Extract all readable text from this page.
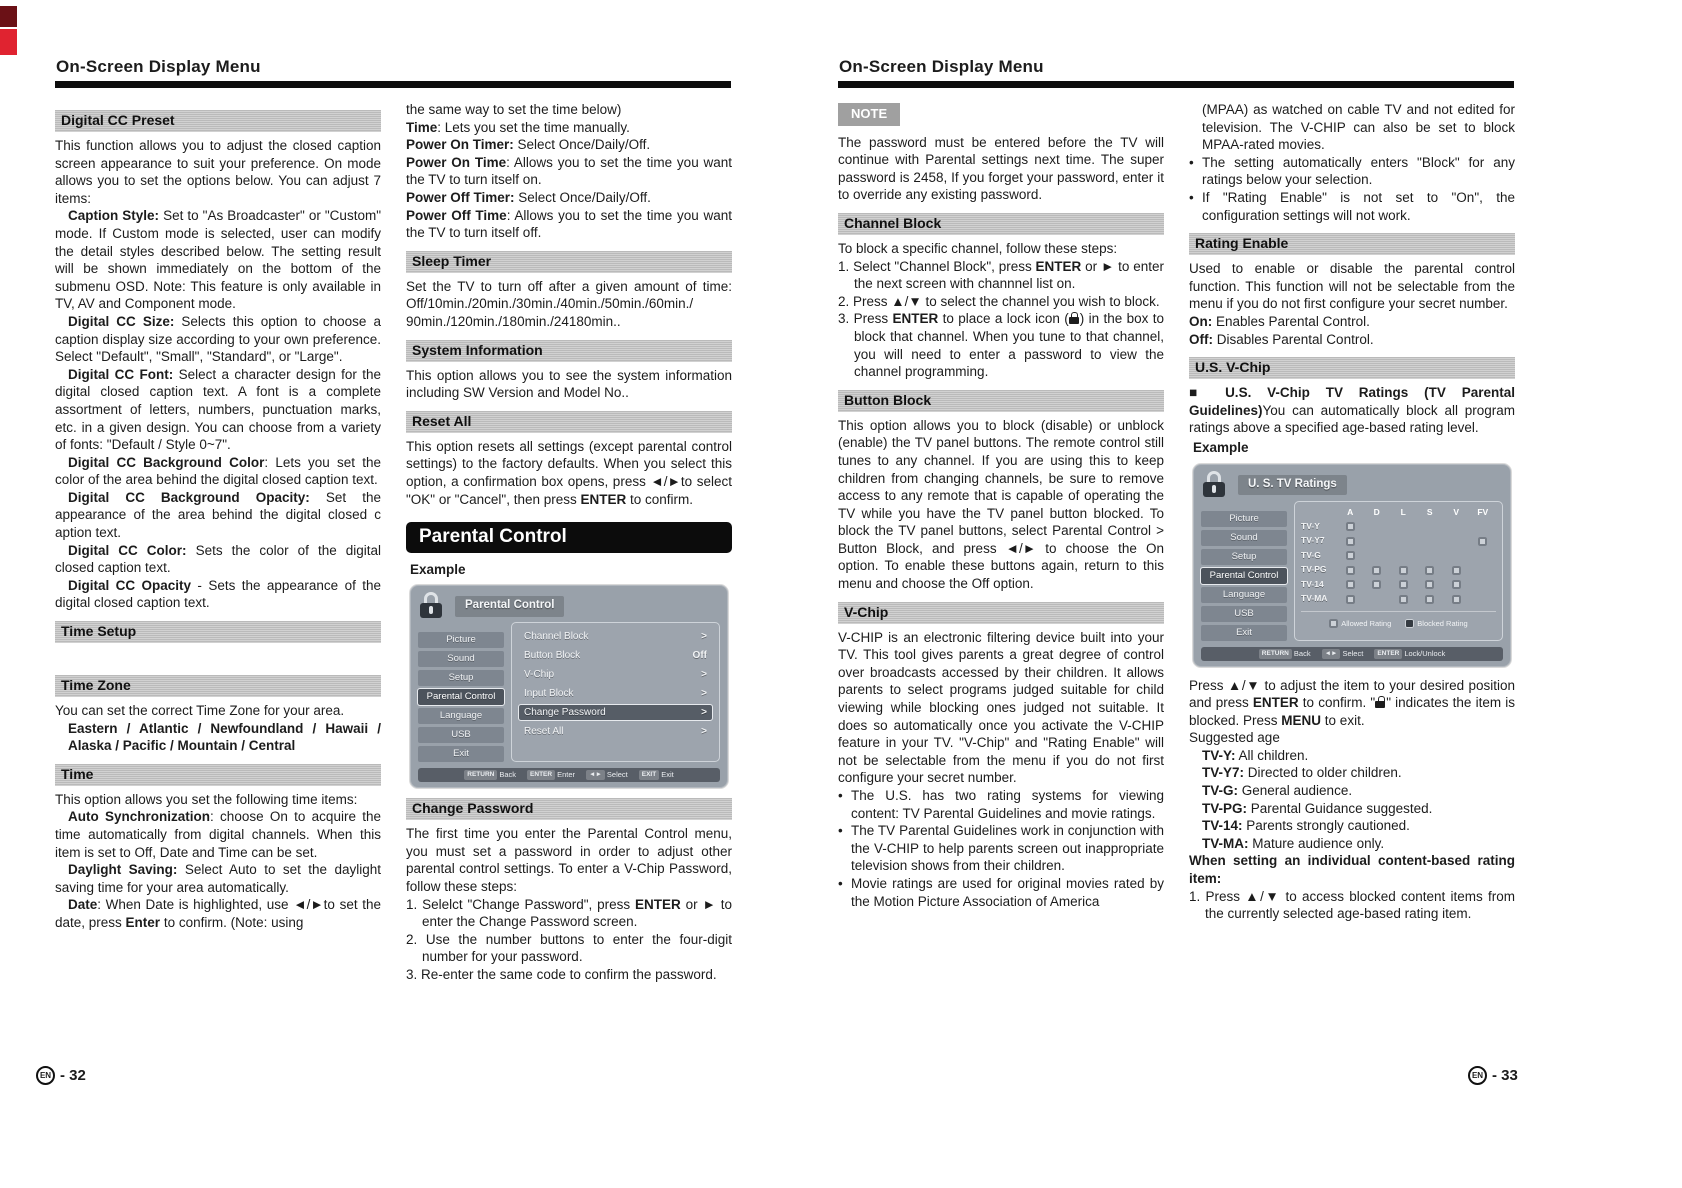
On-Screen Display Menu
Digital CC Preset
This function allows you to adjust the closed caption screen appearance to suit your preference. On mode allows you to set the options below. You can adjust 7 items:
Caption Style: Set to "As Broadcaster" or "Custom" mode. If Custom mode is selected, user can modify the detail styles described below. The setting result will be shown immediately on the bottom of the submenu OSD. Note: This feature is only available in TV, AV and Component mode.
Digital CC Size: Selects this option to choose a caption display size according to your own preference. Select "Default", "Small", "Standard", or "Large".
Digital CC Font: Select a character design for the digital closed caption text. A font is a complete assortment of letters, numbers, punctuation marks, etc. in a given design. You can choose from a variety of fonts: "Default / Style 0~7".
Digital CC Background Color: Lets you set the color of the area behind the digital closed caption text.
Digital CC Background Opacity: Set the appearance of the area behind the digital closed c aption text.
Digital CC Color: Sets the color of the digital closed caption text.
Digital CC Opacity - Sets the appearance of the digital closed caption text.
Time Setup
Time Zone
You can set the correct Time Zone for your area.
Eastern / Atlantic / Newfoundland / Hawaii / Alaska / Pacific / Mountain / Central
Time
This option allows you set the following time items:
Auto Synchronization: choose On to acquire the time automatically from digital channels. When this item is set to Off, Date and Time can be set.
Daylight Saving: Select Auto to set the daylight saving time for your area automatically.
Date: When Date is highlighted, use ◄/►to set the date, press Enter to confirm. (Note: using
the same way to set the time below)
Time: Lets you set the time manually.
Power On Timer: Select Once/Daily/Off.
Power On Time: Allows you to set the time you want the TV to turn itself on.
Power Off Timer: Select Once/Daily/Off.
Power Off Time: Allows you to set the time you want the TV to turn itself off.
Sleep Timer
Set the TV to turn off after a given amount of time: Off/10min./20min./30min./40min./50min./60min./ 90min./120min./180min./24180min..
System Information
This option allows you to see the system information including SW Version and Model No..
Reset All
This option resets all settings (except parental control settings) to the factory defaults. When you select this option, a confirmation box opens, press ◄/►to select "OK" or "Cancel", then press ENTER to confirm.
Parental Control
Example
Parental Control
Picture
Sound
Setup
Parental Control
Language
USB
Exit
Channel Block	>
Button Block	Off
V-Chip	>
Input Block	>
Change Password	>
Reset All	>
RETURN Back	ENTER Enter	◄► Select	EXIT Exit
Change Password
The first time you enter the Parental Control menu, you must set a password in order to adjust other parental control settings. To enter a V-Chip Password, follow these steps:
1. Selelct "Change Password", press ENTER or ► to enter the Change Password screen.
2. Use the number buttons to enter the four-digit number for your password.
3. Re-enter the same code to confirm the password.
On-Screen Display Menu
NOTE
The password must be entered before the TV will continue with Parental settings next time. The super password is 2458, If you forget your password, enter it to override any existing password.
Channel Block
To block a specific channel, follow these steps:
1. Select "Channel Block", press ENTER or ► to enter the next screen with channnel list on.
2. Press ▲/▼ to select the channel you wish to block.
3. Press ENTER to place a lock icon ( ) in the box to block that channel. When you tune to that channel, you will need to enter a password to view the channel programming.
Button Block
This option allows you to block (disable) or unblock (enable) the TV panel buttons. The remote control still tunes to any channel. If you are using this to keep children from changing channels, be sure to remove access to any remote that is capable of operating the TV while you have the TV panel button blocked. To block the TV panel buttons, select Parental Control > Button Block, and press ◄/► to choose the On option. To enable these buttons again, return to this menu and choose the Off option.
V-Chip
V-CHIP is an electronic filtering device built into your TV. This tool gives parents a great degree of control over broadcasts accessed by their children. It allows parents to select programs judged suitable for child viewing while blocking ones judged not suitable. It does so automatically once you activate the V-CHIP feature in your TV. "V-Chip" and "Rating Enable" will not be selectable from the menu if you do not first configure your secret number.
• The U.S. has two rating systems for viewing content: TV Parental Guidelines and movie ratings.
• The TV Parental Guidelines work in conjunction with the V-CHIP to help parents screen out inappropriate television shows from their children.
• Movie ratings are used for original movies rated by the Motion Picture Association of America
(MPAA) as watched on cable TV and not edited for television. The V-CHIP can also be set to block MPAA-rated movies.
• The setting automatically enters "Block" for any ratings below your selection.
• If "Rating Enable" is not set to "On", the configuration settings will not work.
Rating Enable
Used to enable or disable the parental control function. This function will not be selectable from the menu if you do not first configure your secret number.
On: Enables Parental Control.
Off: Disables Parental Control.
U.S. V-Chip
■ U.S. V-Chip TV Ratings (TV Parental Guidelines)You can automatically block all program ratings above a specified age-based rating level.
Example
U. S. TV Ratings
Picture
Sound
Setup
Parental Control
Language
USB
Exit
A	D	L	S	V	FV
TV-Y
TV-Y7
TV-G
TV-PG
TV-14
TV-MA
Allowed Rating	Blocked Rating
RETURN Back	◄► Select	ENTER Lock/Unlock
Press ▲/▼ to adjust the item to your desired position and press ENTER to confirm. " " indicates the item is blocked. Press MENU to exit.
Suggested age
TV-Y: All children.
TV-Y7: Directed to older children.
TV-G: General audience.
TV-PG: Parental Guidance suggested.
TV-14: Parents strongly cautioned.
TV-MA: Mature audience only.
When setting an individual content-based rating item:
1. Press ▲/▼ to access blocked content items from the currently selected age-based rating item.
EN - 32	EN - 33
